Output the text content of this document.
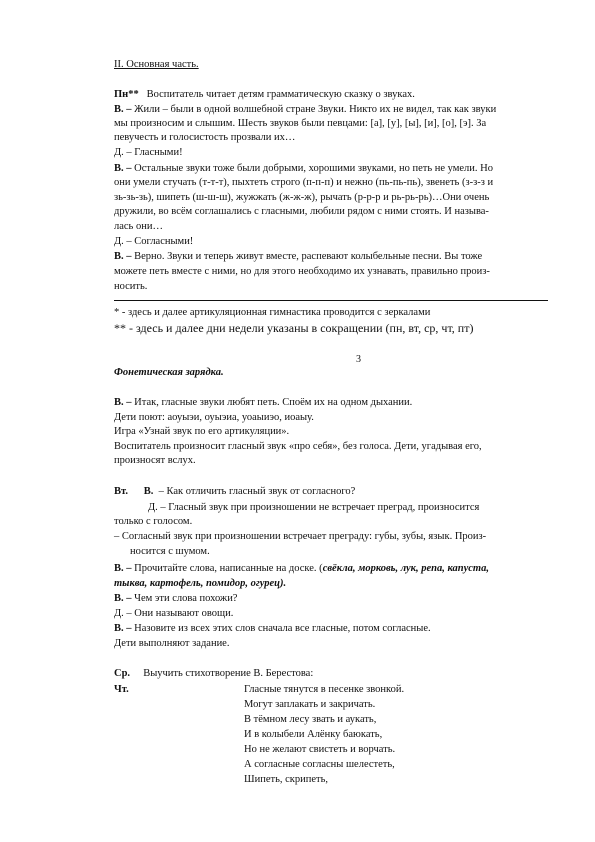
II. Основная часть.
Пн** Воспитатель читает детям грамматическую сказку о звуках.
В. – Жили – были в одной волшебной стране Звуки. Никто их не видел, так как звуки
мы произносим и слышим. Шесть звуков были певцами: [а], [у], [ы], [и], [о], [э]. За
певучесть и голосистость прозвали их…
Д. – Гласными!
В. – Остальные звуки тоже были добрыми, хорошими звуками, но петь не умели. Но
они умели стучать (т-т-т), пыхтеть строго (п-п-п) и нежно (пь-пь-пь), звенеть (з-з-з и
зь-зь-зь), шипеть (ш-ш-ш), жужжать (ж-ж-ж), рычать (р-р-р и рь-рь-рь)…Они очень
дружили, во всём соглашались с гласными, любили рядом с ними стоять. И называ-
лась они…
Д. – Согласными!
В. – Верно. Звуки и теперь живут вместе, распевают колыбельные песни. Вы тоже
можете петь вместе с ними, но для этого необходимо их узнавать, правильно произ-
носить.
* - здесь и далее артикуляционная гимнастика проводится с зеркалами
** - здесь и далее дни недели указаны в сокращении (пн, вт, ср, чт, пт)
3
Фонетическая зарядка.
В. – Итак, гласные звуки любят петь. Споём их на одном дыхании.
Дети поют: аоуыэи, оуыэиа, уоаыиэо, иоаыу.
Игра «Узнай звук по его артикуляции».
Воспитатель произносит гласный звук «про себя», без голоса. Дети, угадывая его,
произносят вслух.
Вт. В. – Как отличить гласный звук от согласного?
Д. – Гласный звук при произношении не встречает преград, произносится
только с голосом.
– Согласный звук при произношении встречает преграду: губы, зубы, язык. Произ-
носится с шумом.
В. – Прочитайте слова, написанные на доске. (свёкла, морковь, лук, репа, капуста,
тыква, картофель, помидор, огурец).
В. – Чем эти слова похожи?
Д. – Они называют овощи.
В. – Назовите из всех этих слов сначала все гласные, потом согласные.
Дети выполняют задание.
Ср. Выучить стихотворение В. Берестова:
Чт.	Гласные тянутся в песенке звонкой.
Могут заплакать и закричать.
В тёмном лесу звать и аукать,
И в колыбели Алёнку баюкать,
Но не желают свистеть и ворчать.
А согласные согласны шелестеть,
Шипеть, скрипеть,
